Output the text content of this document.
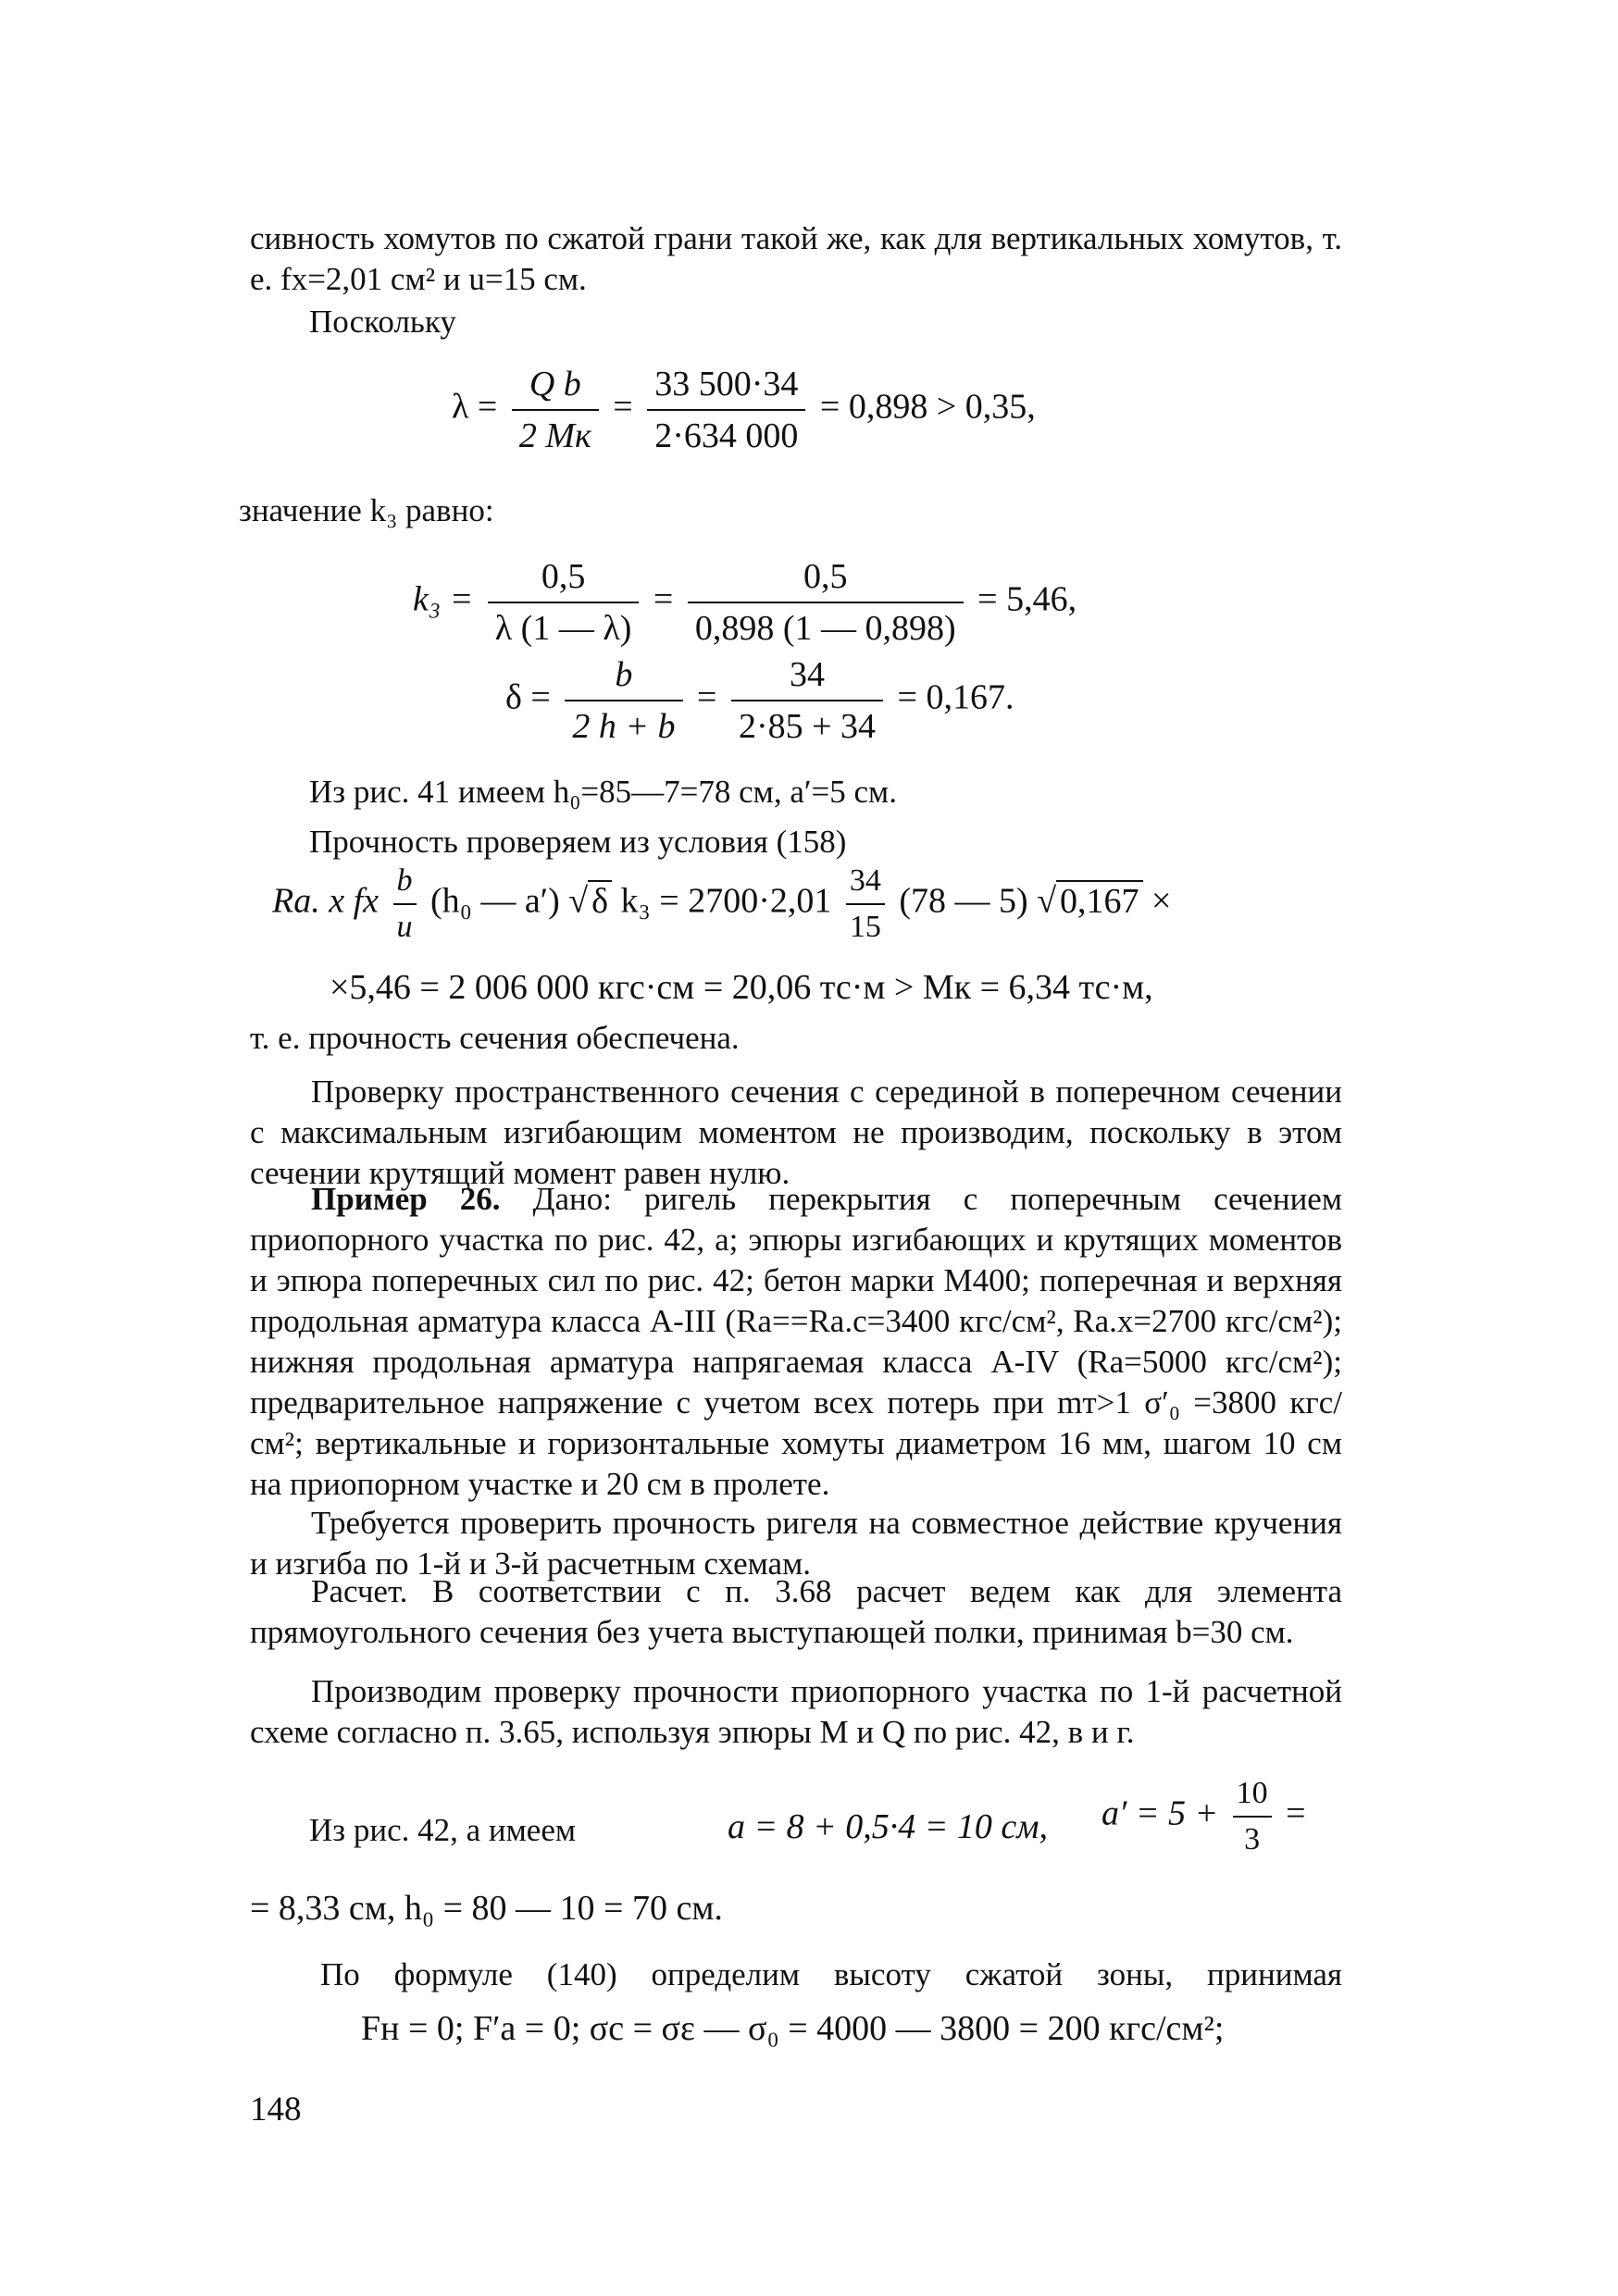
сивность хомутов по сжатой грани такой же, как для вертикальных хомутов, т. е. fх=2,01 см² и u=15 см.

Поскольку

$\lambda = \frac{\text{Q b}}{2 Mк} = \frac{33 500\cdot 34}{2\cdot 634 000} = 0,898 > 0,35$,

значение k₃ равно:

$k_3 = \frac{0,5}{\lambda (1 — \lambda)} = \frac{0,5}{0,898 (1 — 0,898)} = 5,46$,
$\delta = \frac{b}{2 h + b} = \frac{34}{2\cdot 85 + 34} = 0,167$.

Из рис. 41 имеем h₀=85—7=78 см, a′=5 см.

Прочность проверяем из условия (158)

Rа. х fх $\frac{b}{u} (h_0$ — a′) √ δ $k_3 = 2700\cdot 2,01 \frac{34}{15} (78$ — 5) √ 0,167 ×
×5,46 = 2 006 000 кгс·см = 20,06 тс·м > Mк = 6,34 тс·м,

т. е. прочность сечения обеспечена.

Проверку пространственного сечения с серединой в поперечном сечении с максимальным изгибающим моментом не производим, поскольку в этом сечении крутящий момент равен нулю.

Пример 26. Дано: ригель перекрытия с поперечным сечением приопорного участка по рис. 42, а; эпюры изгибающих и крутящих моментов и эпюра поперечных сил по рис. 42; бетон марки М400; поперечная и верхняя продольная арматура класса A-III (Rа==Rа.с=3400 кгс/см², Rа.х=2700 кгс/см²); нижняя продольная арматура напрягаемая класса A-IV (Rа=5000 кгс/см²); предварительное напряжение с учетом всех потерь при mт>1 σ′₀ =3800 кгс/см²; вертикальные и горизонтальные хомуты диаметром 16 мм, шагом 10 см на приопорном участке и 20 см в пролете.

Требуется проверить прочность ригеля на совместное действие кручения и изгиба по 1-й и 3-й расчетным схемам.

Расчет. В соответствии с п. 3.68 расчет ведем как для элемента прямоугольного сечения без учета выступающей полки, принимая b=30 см.

Производим проверку прочности приопорного участка по 1-й расчетной схеме согласно п. 3.65, используя эпюры M и Q по рис. 42, в и г.

Из рис. 42, а имеем	a = 8 + 0,5·4 = 10 см, $a' = 5 + \frac{10}{3}$ =
= 8,33 см, h₀ = 80 — 10 = 70 см.

По формуле (140) определим высоту сжатой зоны, принимая

Fн = 0; F′а = 0; σс = σε — σ₀ = 4000 — 3800 = 200 кгс/см²;
148
